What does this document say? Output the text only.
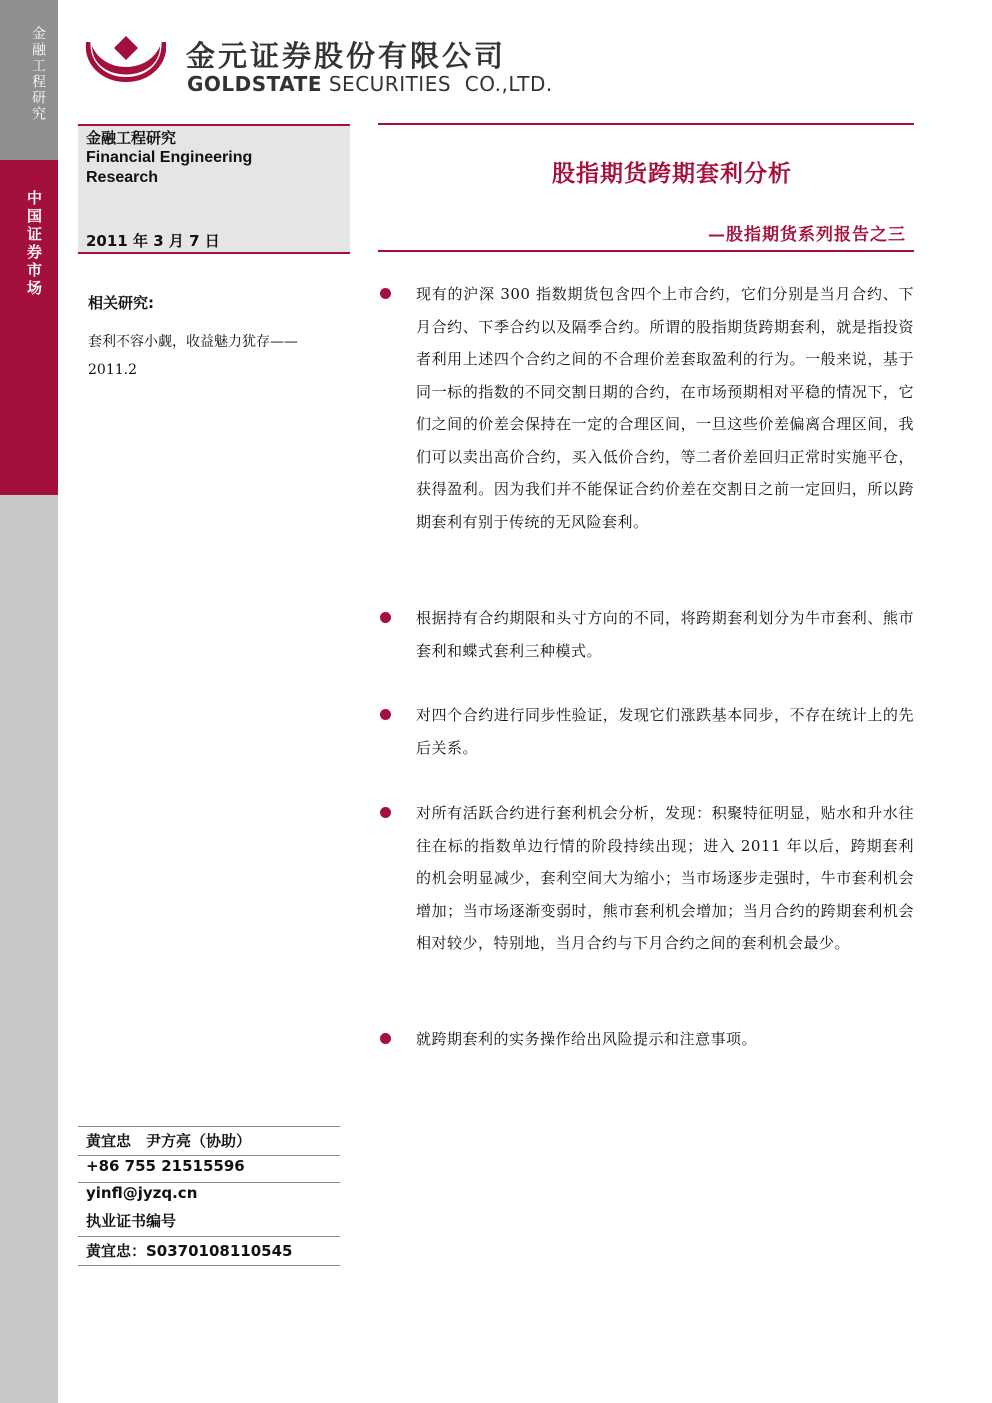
金融工程研究
中国证券市场
金元证券股份有限公司
GOLDSTATE SECURITIES  CO.,LTD.
金融工程研究
Financial Engineering Research
2011 年 3 月 7 日
相关研究:
套利不容小觑，收益魅力犹存——2011.2
股指期货跨期套利分析
—股指期货系列报告之三
现有的沪深 300 指数期货包含四个上市合约，它们分别是当月合约、下月合约、下季合约以及隔季合约。所谓的股指期货跨期套利，就是指投资者利用上述四个合约之间的不合理价差套取盈利的行为。一般来说，基于同一标的指数的不同交割日期的合约，在市场预期相对平稳的情况下，它们之间的价差会保持在一定的合理区间，一旦这些价差偏离合理区间，我们可以卖出高价合约，买入低价合约，等二者价差回归正常时实施平仓，获得盈利。因为我们并不能保证合约价差在交割日之前一定回归，所以跨期套利有别于传统的无风险套利。
根据持有合约期限和头寸方向的不同，将跨期套利划分为牛市套利、熊市套利和蝶式套利三种模式。
对四个合约进行同步性验证，发现它们涨跌基本同步，不存在统计上的先后关系。
对所有活跃合约进行套利机会分析，发现：积聚特征明显，贴水和升水往往在标的指数单边行情的阶段持续出现；进入 2011 年以后，跨期套利的机会明显减少，套利空间大为缩小；当市场逐步走强时，牛市套利机会增加；当市场逐渐变弱时，熊市套利机会增加；当月合约的跨期套利机会相对较少，特别地，当月合约与下月合约之间的套利机会最少。
就跨期套利的实务操作给出风险提示和注意事项。
黄宜忠　尹方亮（协助）
+86 755 21515596
yinfl@jyzq.cn
执业证书编号
黄宜忠：S0370108110545
